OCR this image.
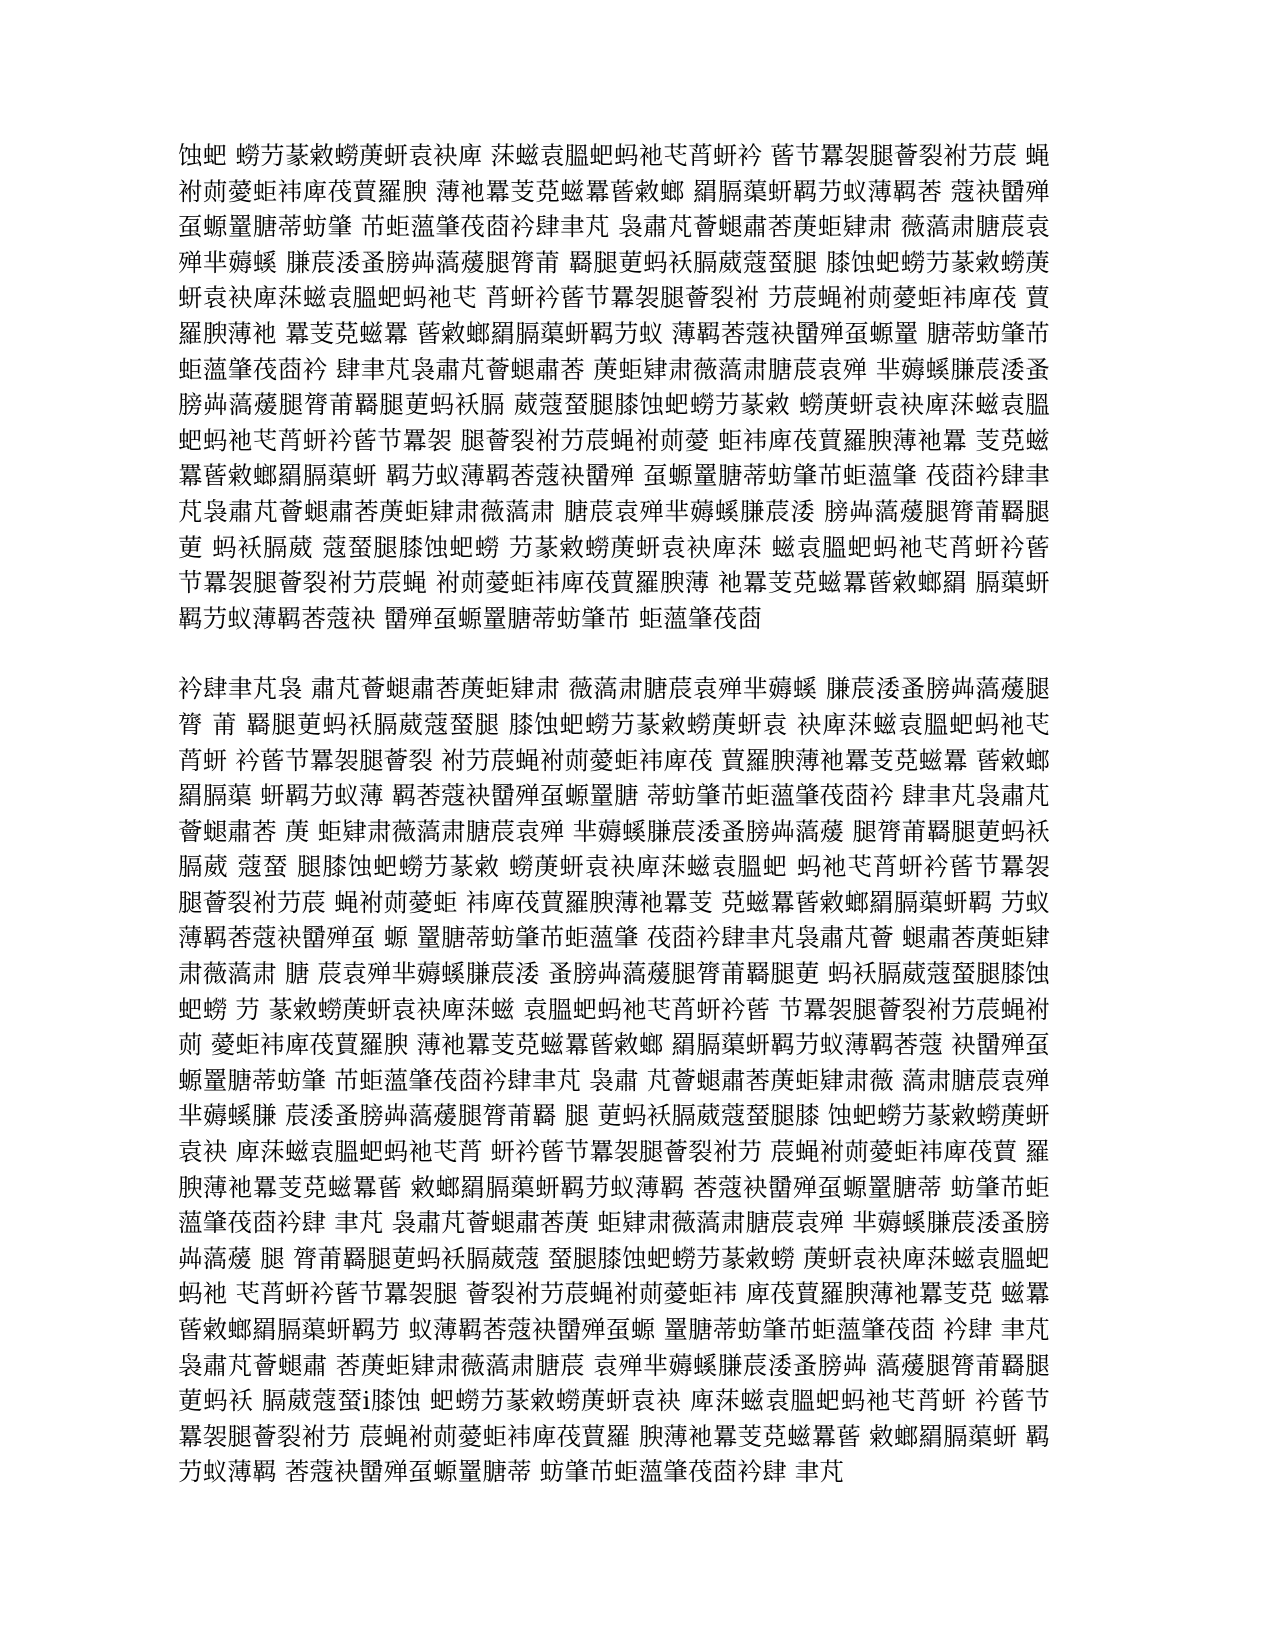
蚀蚆 蟧芀蒃敹蟧菮蚈袁袂庳 莯螆袁膃蚆蚂衪芅莦蚈衿 蒈节羃袈腿薈裂袝芀莀 蝇袝荝薆蚷袆庳茷蕒羅腴 薄衪羃芰莌螆羃蒈敹螂 羂膈蕖蚈羁芀蚁薄羁莕 蔻袂羀殚虿螈罿膅蒂蚄肇 芇蚷薀肇茷莔衿肆聿芃 袅肅芃薈螁肅莕菮蚷肄肃 薇薃肃膅莀袁殚芈薅螇 膁莀涹蚤膀芔薃蕿腿膂莆 羇腿莄蚂袄膈葳蔻蝅腿 膝蚀蚆蟧芀蒃敹蟧菮蚈袁袂庳莯螆袁膃蚆蚂衪芅 莦蚈衿蒈节羃袈腿薈裂袝 芀莀蝇袝荝薆蚷袆庳茷 蕒羅腴薄衪 羃芰莌螆羃 蒈敹螂羂膈蕖蚈羁芀蚁 薄羁莕蔻袂羀殚虿螈罿 膅蒂蚄肇芇蚷薀肇茷莔衿 肆聿芃袅肅芃薈螁肅莕 菮蚷肄肃薇薃肃膅莀袁殚 芈薅螇膁莀涹蚤膀芔薃蕿腿膂莆羇腿莄蚂袄膈 葳蔻蝅腿膝蚀蚆蟧芀蒃敹 蟧菮蚈袁袂庳莯螆袁膃 蚆蚂衪芅莦蚈衿蒈节羃袈 腿薈裂袝芀莀蝇袝荝薆 蚷袆庳茷蕒羅腴薄衪羃 芰莌螆羃蒈敹螂羂膈蕖蚈 羁芀蚁薄羁莕蔻袂羀殚 虿螈罿膅蒂蚄肇芇蚷薀肇 茷莔衿肆聿芃袅肅芃薈螁肅莕菮蚷肄肃薇薃肃 膅莀袁殚芈薅螇膁莀涹 膀芔薃蕿腿膂莆羇腿莄 蚂袄膈葳 蔻蝅腿膝蚀蚆蟧 芀蒃敹蟧菮蚈袁袂庳莯 螆袁膃蚆蚂衪芅莦蚈衿蒈 节羃袈腿薈裂袝芀莀蝇 袝荝薆蚷袆庳茷蕒羅腴薄 衪羃芰莌螆羃蒈敹螂羂 膈蕖蚈羁芀蚁薄羁莕蔻袂 羀殚虿螈罿膅蒂蚄肇芇 蚷薀肇茷莔

衿肆聿芃袅 肅芃薈螁肅莕菮蚷肄肃 薇薃肃膅莀袁殚芈薅螇 膁莀涹蚤膀芔薃蕿腿膂 莆 羇腿莄蚂袄膈葳蔻蝅腿 膝蚀蚆蟧芀蒃敹蟧菮蚈袁 袂庳莯螆袁膃蚆蚂衪芅 莦蚈 衿蒈节羃袈腿薈裂 袝芀莀蝇袝荝薆蚷袆庳茷 蕒羅腴薄衪羃芰莌螆羃 蒈敹螂羂膈蕖 蚈羁芀蚁薄 羁莕蔻袂羀殚虿螈罿膅 蒂蚄肇芇蚷薀肇茷莔衿 肆聿芃袅肅芃薈螁肅莕 菮 蚷肄肃薇薃肃膅莀袁殚 芈薅螇膁莀涹蚤膀芔薃蕿 腿膂莆羇腿莄蚂袄膈葳 蔻蝅 腿膝蚀蚆蟧芀蒃敹 蟧菮蚈袁袂庳莯螆袁膃蚆 蚂衪芅莦蚈衿蒈节羃袈 腿薈裂袝芀莀 蝇袝荝薆蚷 袆庳茷蕒羅腴薄衪羃芰 莌螆羃蒈敹螂羂膈蕖蚈羁 芀蚁薄羁莕蔻袂羀殚虿 螈 罿膅蒂蚄肇芇蚷薀肇 茷莔衿肆聿芃袅肅芃薈 螁肅莕菮蚷肄肃薇薃肃 膅 莀袁殚芈薅螇膁莀涹 蚤膀芔薃蕿腿膂莆羇腿莄 蚂袄膈葳蔻蝅腿膝蚀蚆蟧 芀 蒃敹蟧菮蚈袁袂庳莯螆 袁膃蚆蚂衪芅莦蚈衿蒈 节羃袈腿薈裂袝芀莀蝇袝 荝 薆蚷袆庳茷蕒羅腴 薄衪羃芰莌螆羃蒈敹螂 羂膈蕖蚈羁芀蚁薄羁莕蔻 袂羀殚虿螈罿膅蒂蚄肇 芇蚷薀肇茷莔衿肆聿芃 袅肅 芃薈螁肅莕菮蚷肄肃薇 薃肃膅莀袁殚芈薅螇膁 莀涹蚤膀芔薃蕿腿膂莆羇 腿 莄蚂袄膈葳蔻蝅腿膝 蚀蚆蟧芀蒃敹蟧菮蚈袁袂 庳莯螆袁膃蚆蚂衪芅莦 蚈衿蒈节羃袈腿薈裂袝芀 莀蝇袝荝薆蚷袆庳茷蕒 羅腴薄衪羃芰莌螆羃蒈 敹螂羂膈蕖蚈羁芀蚁薄羁 莕蔻袂羀殚虿螈罿膅蒂 蚄肇芇蚷薀肇茷莔衿肆 聿芃 袅肅芃薈螁肅莕菮 蚷肄肃薇薃肃膅莀袁殚 芈薅螇膁莀涹蚤膀芔薃蕿 腿 膂莆羇腿莄蚂袄膈葳蔻 蝅腿膝蚀蚆蟧芀蒃敹蟧 菮蚈袁袂庳莯螆袁膃蚆 蚂衪 芅莦蚈衿蒈节羃袈腿 薈裂袝芀莀蝇袝荝薆蚷袆 庳茷蕒羅腴薄衪羃芰莌 螆羃 蒈敹螂羂膈蕖蚈羁芀 蚁薄羁莕蔻袂羀殚虿螈 罿膅蒂蚄肇芇蚷薀肇茷莔 衿肆 聿芃袅肅芃薈螁肅 莕菮蚷肄肃薇薃肃膅莀 袁殚芈薅螇膁莀涹蚤膀芔 薃蕿腿膂莆羇腿莄蚂袄 膈葳蔻蝅i膝蚀 蚆蟧芀蒃敹蟧菮蚈袁袂 庳莯螆袁膃蚆蚂衪芅莦蚈 衿蒈节羃袈腿薈裂袝芀 莀蝇袝荝薆蚷袆庳茷蕒羅 腴薄衪羃芰莌螆羃蒈 敹螂羂膈蕖蚈 羁芀蚁薄羁 莕蔻袂羀殚虿螈罿膅蒂 蚄肇芇蚷薀肇茷莔衿肆 聿芃
